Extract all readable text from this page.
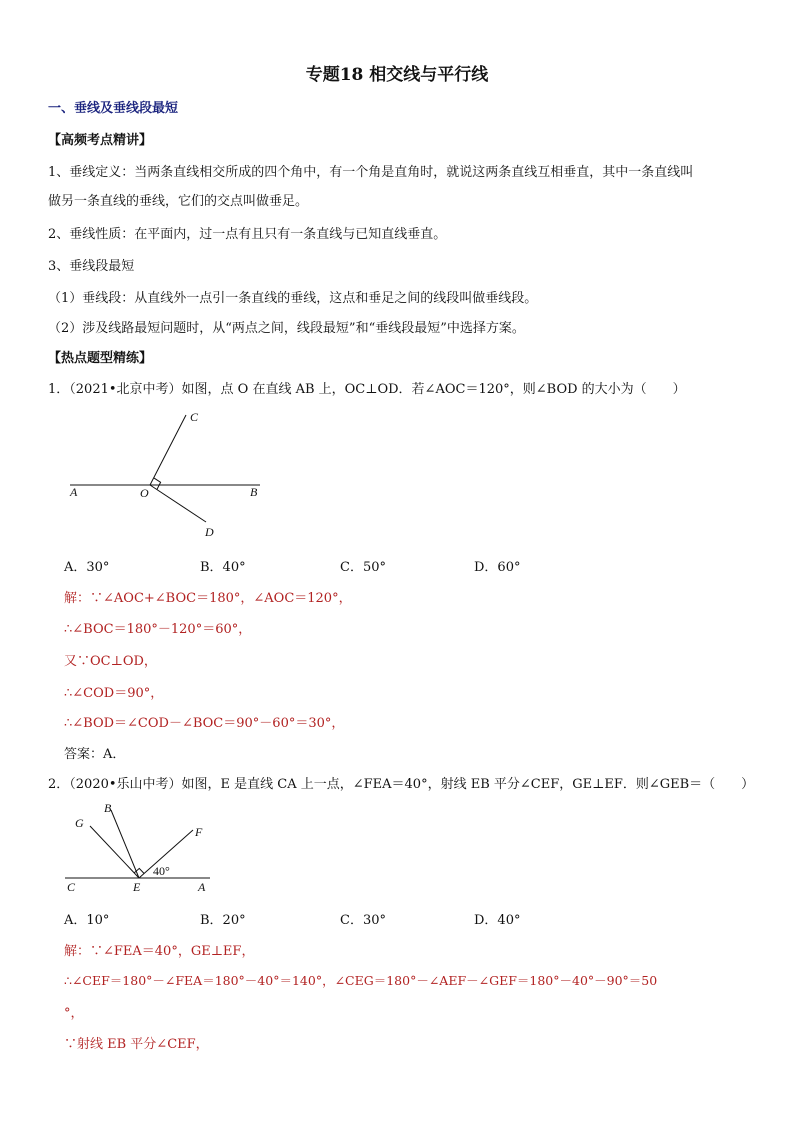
专题18 相交线与平行线
一、垂线及垂线段最短
【高频考点精讲】
1、垂线定义：当两条直线相交所成的四个角中，有一个角是直角时，就说这两条直线互相垂直，其中一条直线叫
做另一条直线的垂线，它们的交点叫做垂足。
2、垂线性质：在平面内，过一点有且只有一条直线与已知直线垂直。
3、垂线段最短
（1）垂线段：从直线外一点引一条直线的垂线，这点和垂足之间的线段叫做垂线段。
（2）涉及线路最短问题时，从“两点之间，线段最短”和“垂线段最短”中选择方案。
【热点题型精练】
1．（2021•北京中考）如图，点 O 在直线 AB 上，OC⊥OD．若∠AOC＝120°，则∠BOD 的大小为（　　）
A	B
C
D
O
A．30°	B．40°	C．50°	D．60°
解：∵∠AOC+∠BOC＝180°，∠AOC＝120°，
∴∠BOC＝180°－120°＝60°，
又∵OC⊥OD，
∴∠COD＝90°，
∴∠BOD＝∠COD－∠BOC＝90°－60°＝30°，
答案：A．
2．（2020•乐山中考）如图，E 是直线 CA 上一点，∠FEA＝40°，射线 EB 平分∠CEF，GE⊥EF．则∠GEB＝（　　）
G
B
F
C	E	A
40°
A．10°	B．20°	C．30°	D．40°
解：∵∠FEA＝40°，GE⊥EF，
∴∠CEF＝180°－∠FEA＝180°－40°＝140°，∠CEG＝180°－∠AEF－∠GEF＝180°－40°－90°＝50
°，
∵射线 EB 平分∠CEF，
